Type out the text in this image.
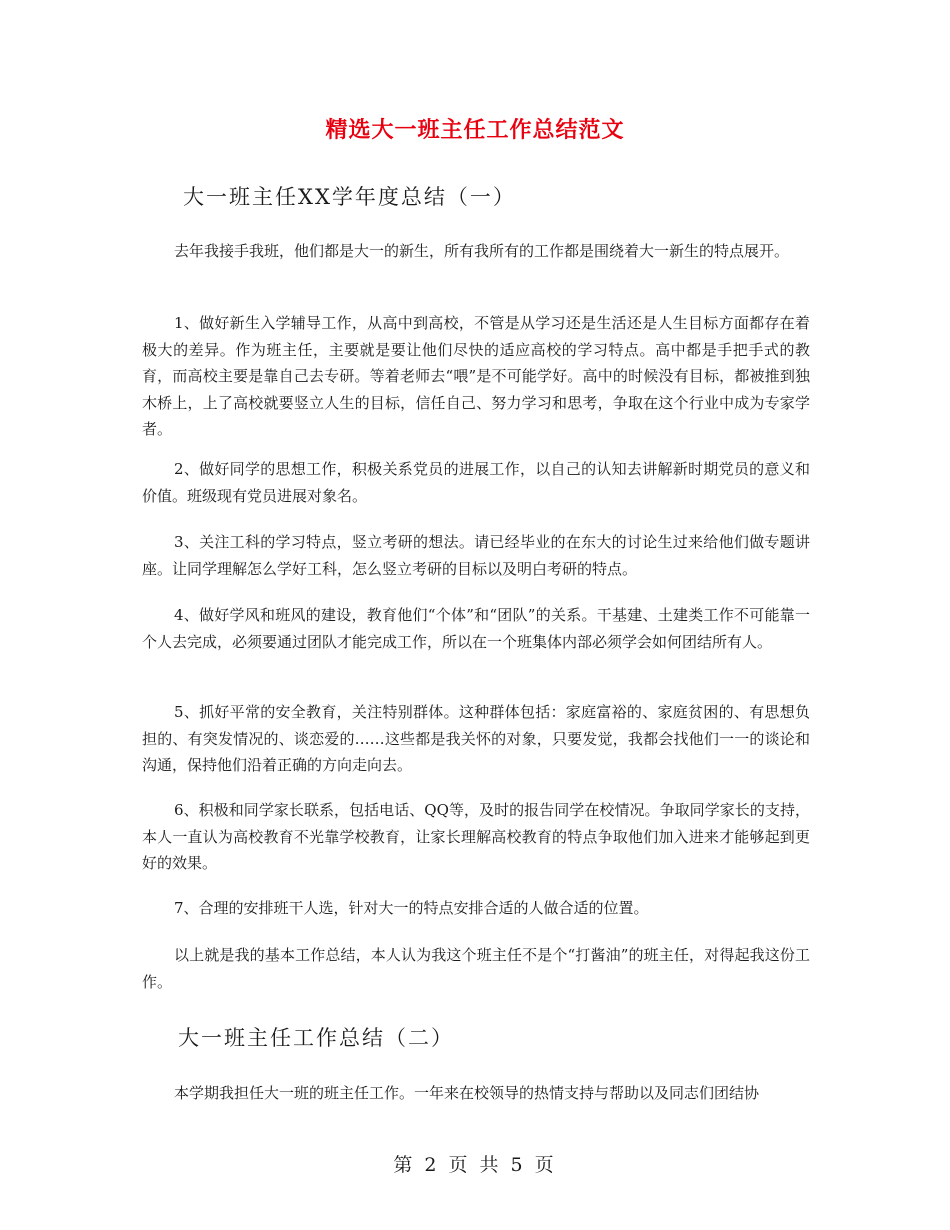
精选大一班主任工作总结范文
大一班主任XX学年度总结（一）
去年我接手我班，他们都是大一的新生，所有我所有的工作都是围绕着大一新生的特点展开。
1、做好新生入学辅导工作，从高中到高校，不管是从学习还是生活还是人生目标方面都存在着极大的差异。作为班主任，主要就是要让他们尽快的适应高校的学习特点。高中都是手把手式的教育，而高校主要是靠自己去专研。等着老师去“喂”是不可能学好。高中的时候没有目标，都被推到独木桥上，上了高校就要竖立人生的目标，信任自己、努力学习和思考，争取在这个行业中成为专家学者。
2、做好同学的思想工作，积极关系党员的进展工作，以自己的认知去讲解新时期党员的意义和价值。班级现有党员进展对象名。
3、关注工科的学习特点，竖立考研的想法。请已经毕业的在东大的讨论生过来给他们做专题讲座。让同学理解怎么学好工科，怎么竖立考研的目标以及明白考研的特点。
4、做好学风和班风的建设，教育他们“个体”和“团队”的关系。干基建、土建类工作不可能靠一个人去完成，必须要通过团队才能完成工作，所以在一个班集体内部必须学会如何团结所有人。
5、抓好平常的安全教育，关注特别群体。这种群体包括：家庭富裕的、家庭贫困的、有思想负担的、有突发情况的、谈恋爱的……这些都是我关怀的对象，只要发觉，我都会找他们一一的谈论和沟通，保持他们沿着正确的方向走向去。
6、积极和同学家长联系，包括电话、QQ等，及时的报告同学在校情况。争取同学家长的支持，本人一直认为高校教育不光靠学校教育，让家长理解高校教育的特点争取他们加入进来才能够起到更好的效果。
7、合理的安排班干人选，针对大一的特点安排合适的人做合适的位置。
以上就是我的基本工作总结，本人认为我这个班主任不是个“打酱油”的班主任，对得起我这份工作。
大一班主任工作总结（二）
本学期我担任大一班的班主任工作。一年来在校领导的热情支持与帮助以及同志们团结协
第 2 页 共 5 页
